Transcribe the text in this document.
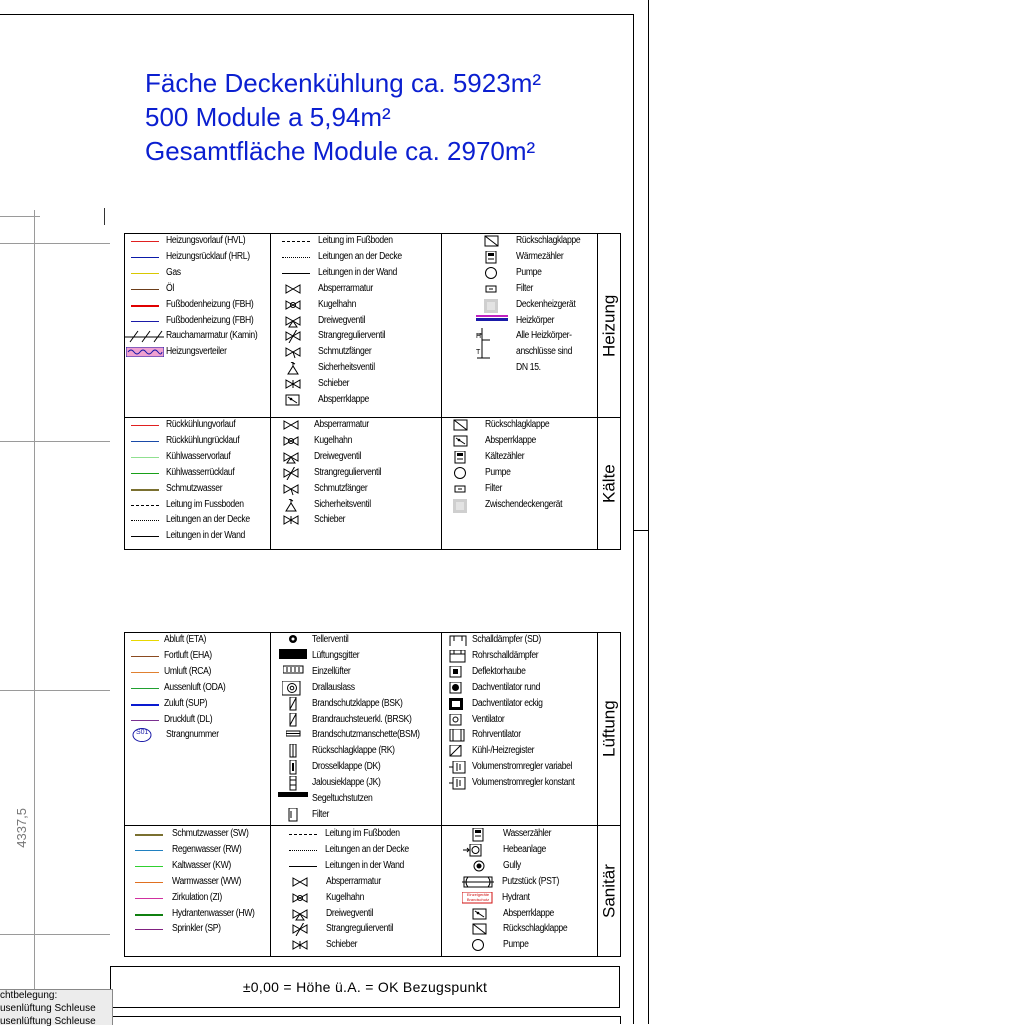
Fäche Deckenkühlung ca. 5923m²
500 Module a 5,94m²
Gesamtfläche Module ca. 2970m²
Heizung
Kälte
Lüftung
Sanitär
Heizungsvorlauf (HVL)
Heizungsrücklauf (HRL)
Gas
Öl
Fußbodenheizung (FBH)
Fußbodenheizung (FBH)
Rauchamarmatur (Kamin)
Heizungsverteiler
Leitung im Fußboden
Leitungen an der Decke
Leitungen in der Wand
Absperrarmatur
Kugelhahn
Dreiwegventil
Strangregulierventil
Schmutzfänger
Sicherheitsventil
Schieber
Absperrklappe
Rückschlagklappe
Wärmezähler
Pumpe
Filter
Deckenheizgerät
Heizkörper
H
T
Alle Heizkörper-
anschlüsse sind
DN 15.
Rückkühlungvorlauf
Rückkühlungrücklauf
Kühlwasservorlauf
Kühlwasserrücklauf
Schmutzwasser
Leitung im Fussboden
Leitungen an der Decke
Leitungen in der Wand
Absperrarmatur
Kugelhahn
Dreiwegventil
Strangregulierventil
Schmutzfänger
Sicherheitsventil
Schieber
Rückschlagklappe
Absperrklappe
Kältezähler
Pumpe
Filter
Zwischendeckengerät
Abluft (ETA)
Fortluft (EHA)
Umluft (RCA)
Aussenluft (ODA)
Zuluft (SUP)
Druckluft (DL)
S01 Strangnummer
Tellerventil
Lüftungsgitter
Einzellüfter
Drallauslass
Brandschutzklappe (BSK)
Brandrauchsteuerkl. (BRSK)
Brandschutzmanschette(BSM)
Rückschlagklappe (RK)
Drosselklappe (DK)
Jalousieklappe (JK)
Segeltuchstutzen
Filter
Schalldämpfer (SD)
Rohrschalldämpfer
Deflektorhaube
Dachventilator rund
Dachventilator eckig
Ventilator
Rohrventilator
Kühl-/Heizregister
Volumenstromregler variabel
Volumenstromregler konstant
Schmutzwasser (SW)
Regenwasser (RW)
Kaltwasser (KW)
Warmwasser (WW)
Zirkulation (ZI)
Hydrantenwasser (HW)
Sprinkler (SP)
Leitung im Fußboden
Leitungen an der Decke
Leitungen in der Wand
Absperrarmatur
Kugelhahn
Dreiwegventil
Strangregulierventil
Schieber
Wasserzähler
Hebeanlage
Gully
Putzstück (PST)
Einzelgeräte Brandschutz	Hydrant
Absperrklappe
Rückschlagklappe
Pumpe
±0,00 = Höhe ü.A. = OK Bezugspunkt
4337,5
chtbelegung:
usenlüftung Schleuse
usenlüftung Schleuse
